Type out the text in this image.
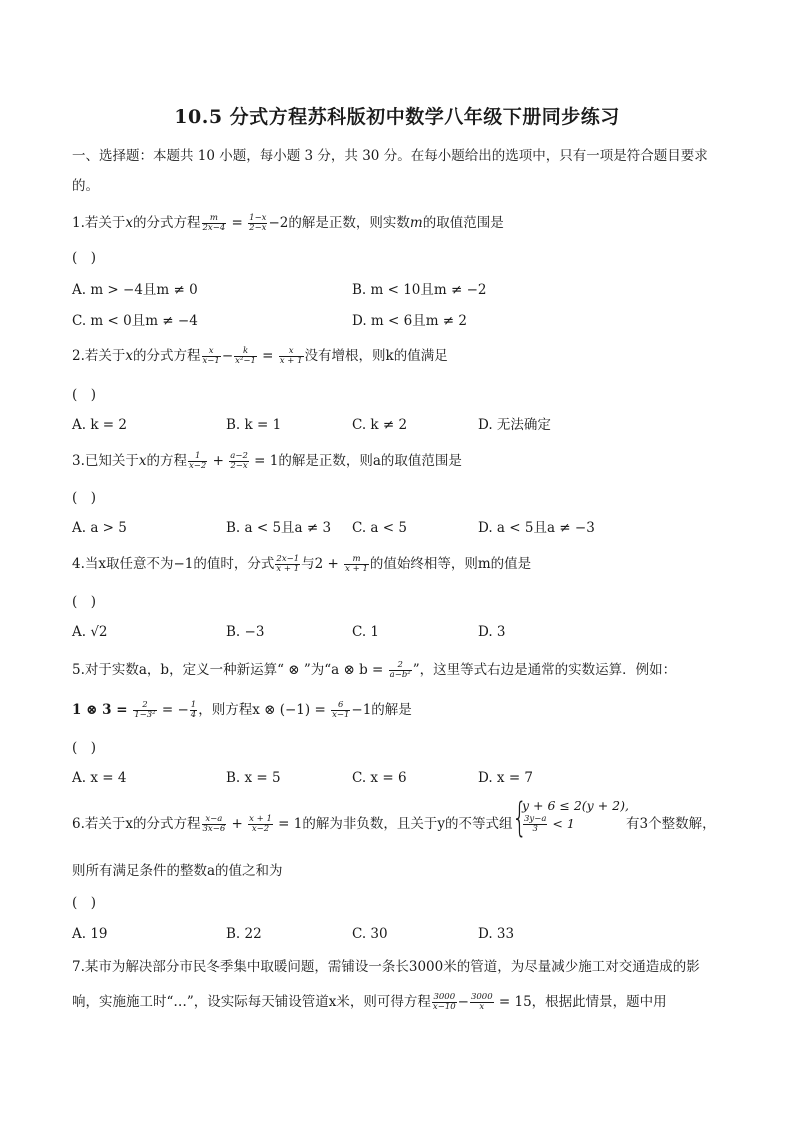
10.5 分式方程苏科版初中数学八年级下册同步练习
一、选择题：本题共 10 小题，每小题 3 分，共 30 分。在每小题给出的选项中，只有一项是符合题目要求
的。
1.若关于x的分式方程 $\frac{m}{2x-4} = \frac{1-x}{2-x} -2$的解是正数，则实数m的取值范围是
(　)
A. m > −4且m ≠ 0	B. m < 10且m ≠ −2
C. m < 0且m ≠ −4	D. m < 6且m ≠ 2
2.若关于x的分式方程 $\frac{x}{x-1} - \frac{k}{\text{x²−1}} = \frac{x}{x + 1}$ 没有增根，则k的值满足
(　)
A. k = 2	B. k = 1	C. k ≠ 2	D. 无法确定
3.已知关于x的方程 $\frac{1}{x-2} + \frac{a-2}{2-x} = 1$的解是正数，则a的取值范围是
(　)
A. a > 5	B. a < 5且a ≠ 3 C. a < 5	D. a < 5且a ≠ −3
4.当x取任意不为−1的值时，分式 $\frac{2x-1}{x + 1}$ 与$2 + \frac{m}{x + 1}$ 的值始终相等，则m的值是
(　)
A. √2	B. −3	C. 1	D. 3
5.对于实数a，b，定义一种新运算“ ⊗ ”为“a ⊗ $b = \frac{2}{\text{a−b²}}$ ”，这里等式右边是通常的实数运算．例如：
1 ⊗ $3 = \frac{2}{\text{1−3²}}$ = − $\frac{1}{4}$ ，则方程x ⊗ $(-1) = \frac{6}{x-1} -1$的解是
(　)
A. x = 4	B. x = 5	C. x = 6	D. x = 7
6.若关于x的分式方程 $\frac{x-a}{3x-6} + \frac{x + 1}{x-2} = 1$的解为非负数，且关于y的不等式组 {
y + 6 ≤ 2(y + 2),
$\frac{3y-a}{3} < 1$	有3个整数解，
则所有满足条件的整数a的值之和为
(　)
A. 19	B. 22	C. 30	D. 33
7.某市为解决部分市民冬季集中取暖问题，需铺设一条长3000米的管道，为尽量减少施工对交通造成的影
响，实施施工时“…”，设实际每天铺设管道x米，则可得方程 $\frac{3000}{x-10} - \frac{3000}{x} = 15$，根据此情景，题中用
